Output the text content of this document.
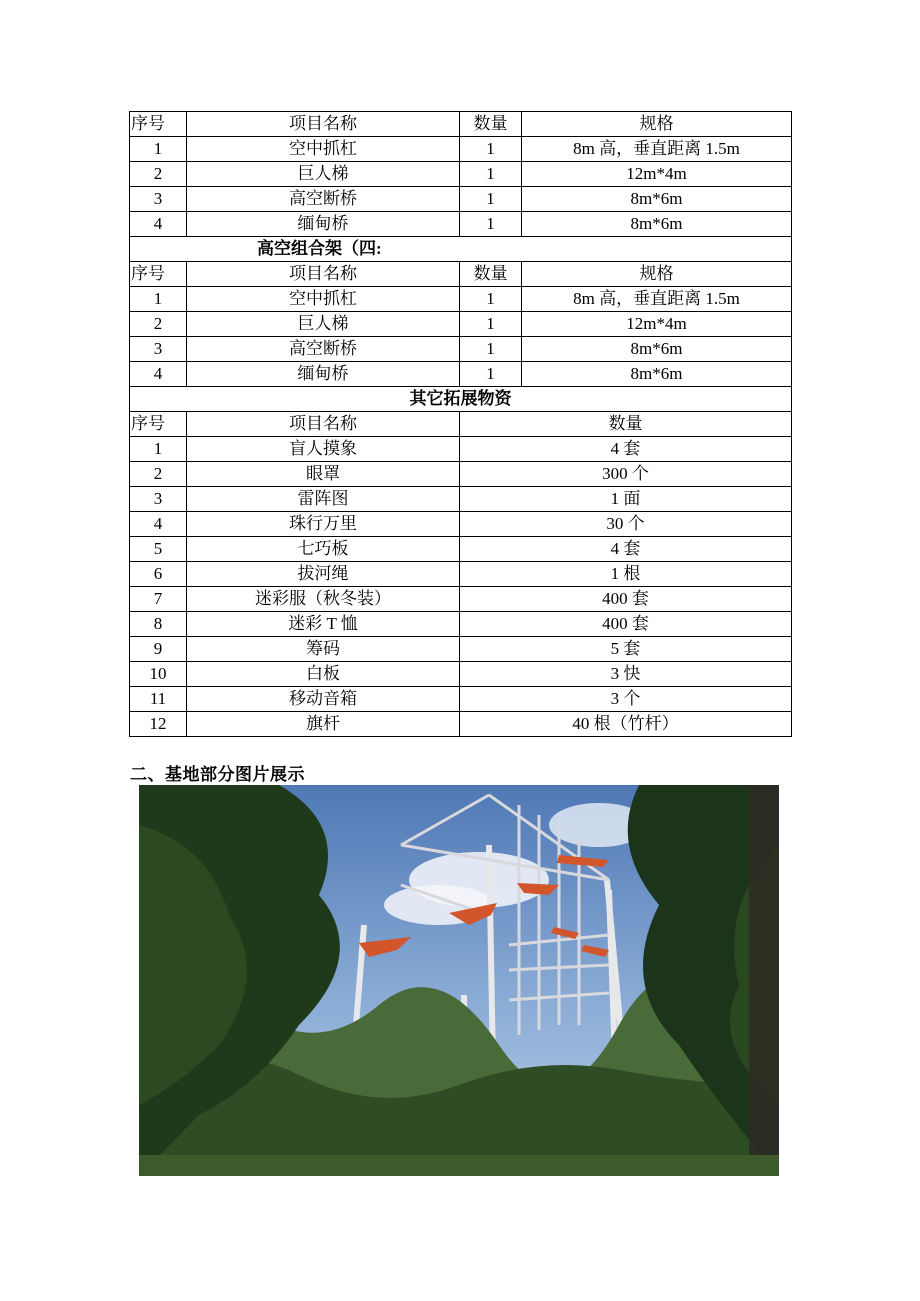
序号	项目名称	数量	规格
1	空中抓杠	1	8m 高，垂直距离 1.5m
2	巨人梯	1	12m*4m
3	高空断桥	1	8m*6m
4	缅甸桥	1	8m*6m
高空组合架（四:			
序号	项目名称	数量	规格
1	空中抓杠	1	8m 高，垂直距离 1.5m
2	巨人梯	1	12m*4m
3	高空断桥	1	8m*6m
4	缅甸桥	1	8m*6m
其它拓展物资			
序号	项目名称	数量	
1	盲人摸象	4 套	
2	眼罩	300 个	
3	雷阵图	1 面	
4	珠行万里	30 个	
5	七巧板	4 套	
6	拔河绳	1 根	
7	迷彩服（秋冬装）	400 套	
8	迷彩 T 恤	400 套	
9	筹码	5 套	
10	白板	3 快	
11	移动音箱	3 个	
12	旗杆	40 根（竹杆）	
二、基地部分图片展示
